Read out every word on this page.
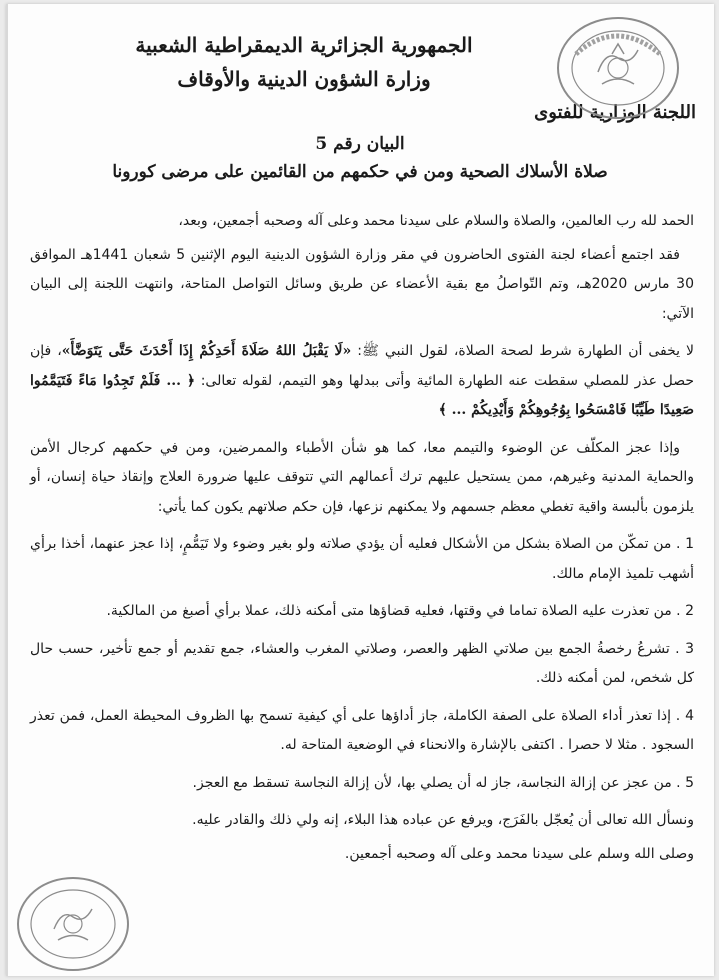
الجمهورية الجزائرية الديمقراطية الشعبية
وزارة الشؤون الدينية والأوقاف
اللجنة الوزارية للفتوى
البيان رقم 5
صلاة الأسلاك الصحية ومن في حكمهم من القائمين على مرضى كورونا

الحمد لله رب العالمين، والصلاة والسلام على سيدنا محمد وعلى آله وصحبه أجمعين، وبعد،

فقد اجتمع أعضاء لجنة الفتوى الحاضرون في مقر وزارة الشؤون الدينية اليوم الإثنين 5 شعبان 1441هـ الموافق 30 مارس 2020هـ، وتم التّواصلُ مع بقية الأعضاء عن طريق وسائل التواصل المتاحة، وانتهت اللجنة إلى البيان الآتي:

لا يخفى أن الطهارة شرط لصحة الصلاة، لقول النبي ﷺ: «لَا يَقْبَلُ اللهُ صَلَاةَ أَحَدِكُمْ إِذَا أَحْدَثَ حَتَّى يَتَوَضَّأَ»، فإن حصل عذر للمصلي سقطت عنه الطهارة المائية وأتى ببدلها وهو التيمم، لقوله تعالى: ﴿ ... فَلَمْ تَجِدُوا مَاءً فَتَيَمَّمُوا صَعِيدًا طَيِّبًا فَامْسَحُوا بِوُجُوهِكُمْ وَأَيْدِيكُمْ ... ﴾

وإذا عجز المكلّف عن الوضوء والتيمم معا، كما هو شأن الأطباء والممرضين، ومن في حكمهم كرجال الأمن والحماية المدنية وغيرهم، ممن يستحيل عليهم ترك أعمالهم التي تتوقف عليها ضرورة العلاج وإنقاذ حياة إنسان، أو يلزمون بألبسة واقية تغطي معظم جسمهم ولا يمكنهم نزعها، فإن حكم صلاتهم يكون كما يأتي:

1 . من تمكّن من الصلاة بشكل من الأشكال فعليه أن يؤدي صلاته ولو بغير وضوء ولا تَيَمُّمٍ، إذا عجز عنهما، أخذا برأي أشهب تلميذ الإمام مالك.

2 . من تعذرت عليه الصلاة تماما في وقتها، فعليه قضاؤها متى أمكنه ذلك، عملا برأي أصبغ من المالكية.

3 . تشرعُ رخصةُ الجمع بين صلاتي الظهر والعصر، وصلاتي المغرب والعشاء، جمع تقديم أو جمع تأخير، حسب حال كل شخص، لمن أمكنه ذلك.

4 . إذا تعذر أداء الصلاة على الصفة الكاملة، جاز أداؤها على أي كيفية تسمح بها الظروف المحيطة العمل، فمن تعذر السجود . مثلا لا حصرا . اكتفى بالإشارة والانحناء في الوضعية المتاحة له.

5 . من عجز عن إزالة النجاسة، جاز له أن يصلي بها، لأن إزالة النجاسة تسقط مع العجز.

ونسأل الله تعالى أن يُعجّل بالفَرَج، ويرفع عن عباده هذا البلاء، إنه ولي ذلك والقادر عليه.

وصلى الله وسلم على سيدنا محمد وعلى آله وصحبه أجمعين.
